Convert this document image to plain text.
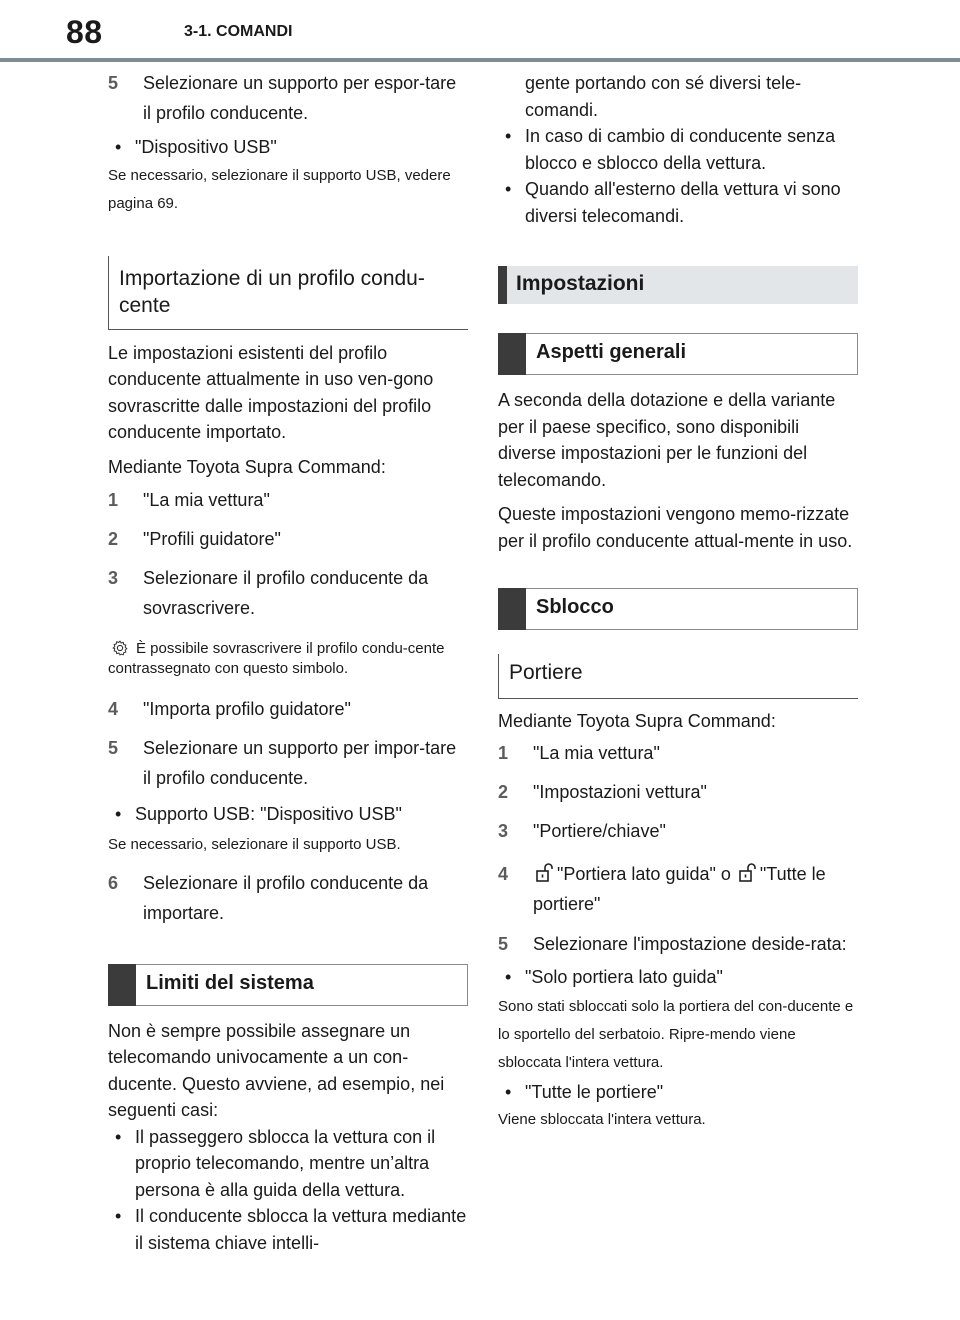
88	3-1. COMANDI
5 Selezionare un supporto per espor-tare il profilo conducente.
• "Dispositivo USB"
Se necessario, selezionare il supporto USB, vedere pagina 69.
Importazione di un profilo condu-cente
Le impostazioni esistenti del profilo conducente attualmente in uso ven-gono sovrascritte dalle impostazioni del profilo conducente importato.
Mediante Toyota Supra Command:
1 "La mia vettura"
2 "Profili guidatore"
3 Selezionare il profilo conducente da sovrascrivere.
È possibile sovrascrivere il profilo condu-cente contrassegnato con questo simbolo.
4 "Importa profilo guidatore"
5 Selezionare un supporto per impor-tare il profilo conducente.
• Supporto USB: "Dispositivo USB"
Se necessario, selezionare il supporto USB.
6 Selezionare il profilo conducente da importare.
Limiti del sistema
Non è sempre possibile assegnare un telecomando univocamente a un con-ducente. Questo avviene, ad esempio, nei seguenti casi:
• Il passeggero sblocca la vettura con il proprio telecomando, mentre un’altra persona è alla guida della vettura.
• Il conducente sblocca la vettura mediante il sistema chiave intelli-
gente portando con sé diversi tele-comandi.
• In caso di cambio di conducente senza blocco e sblocco della vettura.
• Quando all'esterno della vettura vi sono diversi telecomandi.
Impostazioni
Aspetti generali
A seconda della dotazione e della variante per il paese specifico, sono disponibili diverse impostazioni per le funzioni del telecomando.
Queste impostazioni vengono memo-rizzate per il profilo conducente attual-mente in uso.
Sblocco
Portiere
Mediante Toyota Supra Command:
1 "La mia vettura"
2 "Impostazioni vettura"
3 "Portiere/chiave"
4	"Portiera lato guida" o "Tutte le portiere"
5 Selezionare l'impostazione deside-rata:
• "Solo portiera lato guida"
Sono stati sbloccati solo la portiera del con-ducente e lo sportello del serbatoio. Ripre-mendo viene sbloccata l'intera vettura.
• "Tutte le portiere"
Viene sbloccata l'intera vettura.
